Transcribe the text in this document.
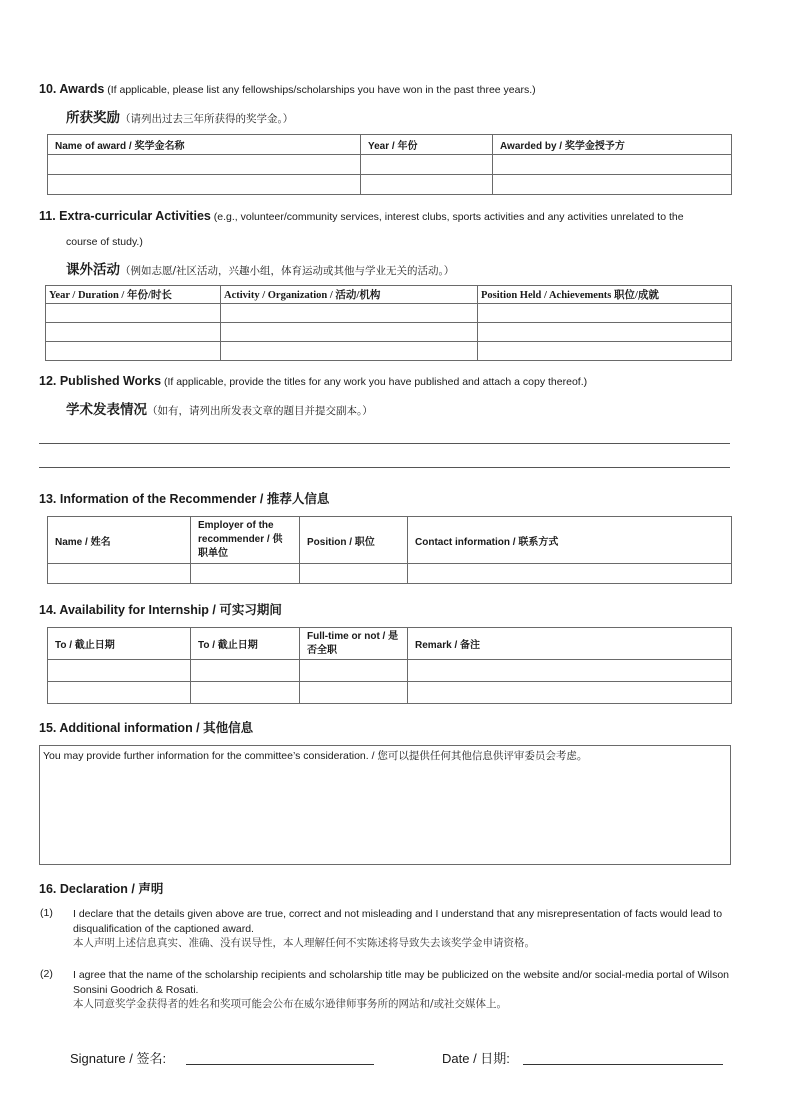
10. Awards (If applicable, please list any fellowships/scholarships you have won in the past three years.)
所获奖励（请列出过去三年所获得的奖学金。）
Name of award / 奖学金名称	Year / 年份	Awarded by / 奖学金授予方

11. Extra-curricular Activities (e.g., volunteer/community services, interest clubs, sports activities and any activities unrelated to the
course of study.)
课外活动（例如志愿/社区活动，兴趣小组，体育运动或其他与学业无关的活动。）
Year / Duration / 年份/时长	Activity / Organization / 活动/机构	Position Held / Achievements 职位/成就

12. Published Works (If applicable, provide the titles for any work you have published and attach a copy thereof.)
学术发表情况（如有，请列出所发表文章的题目并提交副本。）
13. Information of the Recommender / 推荐人信息
Name / 姓名	Employer of the recommender / 供职单位	Position / 职位	Contact information / 联系方式

14. Availability for Internship / 可实习期间
To / 截止日期	To / 截止日期	Full-time or not / 是否全职	Remark / 备注

15. Additional information / 其他信息
You may provide further information for the committee’s consideration. / 您可以提供任何其他信息供评审委员会考虑。
16. Declaration / 声明
(1) I declare that the details given above are true, correct and not misleading and I understand that any misrepresentation of facts would lead to disqualification of the captioned award.
本人声明上述信息真实、准确、没有误导性，本人理解任何不实陈述将导致失去该奖学金申请资格。
(2) I agree that the name of the scholarship recipients and scholarship title may be publicized on the website and/or social-media portal of Wilson Sonsini Goodrich & Rosati.
本人同意奖学金获得者的姓名和奖项可能会公布在威尔逊律师事务所的网站和/或社交媒体上。
Signature / 签名:	Date / 日期:
